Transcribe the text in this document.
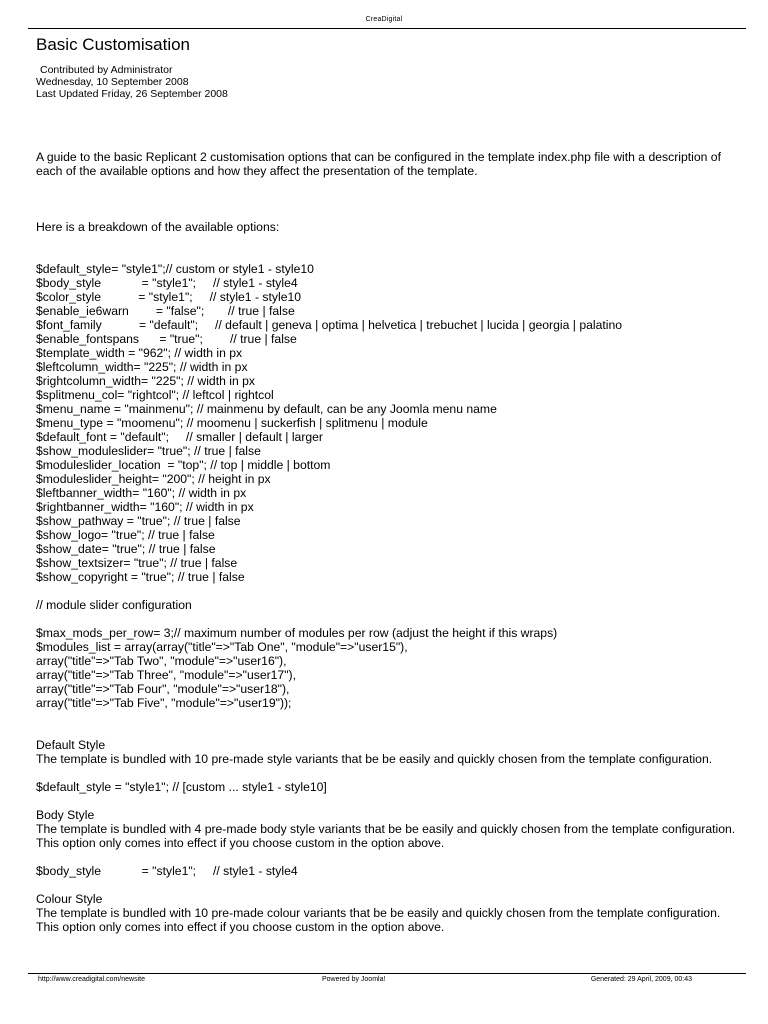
CreaDigital
Basic Customisation
Contributed by Administrator
Wednesday, 10 September 2008
Last Updated Friday, 26 September 2008

A guide to the basic Replicant 2 customisation options that can be configured in the template index.php file with a description of each of the available options and how they affect the presentation of the template.

Here is a breakdown of the available options:

$default_style= "style1";// custom or style1 - style10
$body_style            = "style1";     // style1 - style4
$color_style           = "style1";     // style1 - style10
$enable_ie6warn        = "false";       // true | false
$font_family           = "default";     // default | geneva | optima | helvetica | trebuchet | lucida | georgia | palatino
$enable_fontspans      = "true";        // true | false
$template_width = "962"; // width in px
$leftcolumn_width= "225"; // width in px
$rightcolumn_width= "225"; // width in px
$splitmenu_col= "rightcol"; // leftcol | rightcol
$menu_name = "mainmenu"; // mainmenu by default, can be any Joomla menu name
$menu_type = "moomenu"; // moomenu | suckerfish | splitmenu | module
$default_font = "default";     // smaller | default | larger
$show_moduleslider= "true"; // true | false
$moduleslider_location  = "top"; // top | middle | bottom
$moduleslider_height= "200"; // height in px
$leftbanner_width= "160"; // width in px
$rightbanner_width= "160"; // width in px
$show_pathway = "true"; // true | false
$show_logo= "true"; // true | false
$show_date= "true"; // true | false
$show_textsizer= "true"; // true | false
$show_copyright = "true"; // true | false

// module slider configuration

$max_mods_per_row= 3;// maximum number of modules per row (adjust the height if this wraps)
$modules_list = array(array("title"=>"Tab One", "module"=>"user15"),
array("title"=>"Tab Two", "module"=>"user16"),
array("title"=>"Tab Three", "module"=>"user17"),
array("title"=>"Tab Four", "module"=>"user18"),
array("title"=>"Tab Five", "module"=>"user19"));
Default Style

The template is bundled with 10 pre-made style variants that be be easily and quickly chosen from the template configuration.

$default_style = "style1"; // [custom ... style1 - style10]
Body Style

The template is bundled with 4 pre-made body style variants that be be easily and quickly chosen from the template configuration. This option only comes into effect if you choose custom in the option above.

$body_style            = "style1";     // style1 - style4
Colour Style

The template is bundled with 10 pre-made colour variants that be be easily and quickly chosen from the template configuration. This option only comes into effect if you choose custom in the option above.

http://www.creadigital.com/newsite	Powered by Joomla!	Generated: 29 April, 2009, 00:43
